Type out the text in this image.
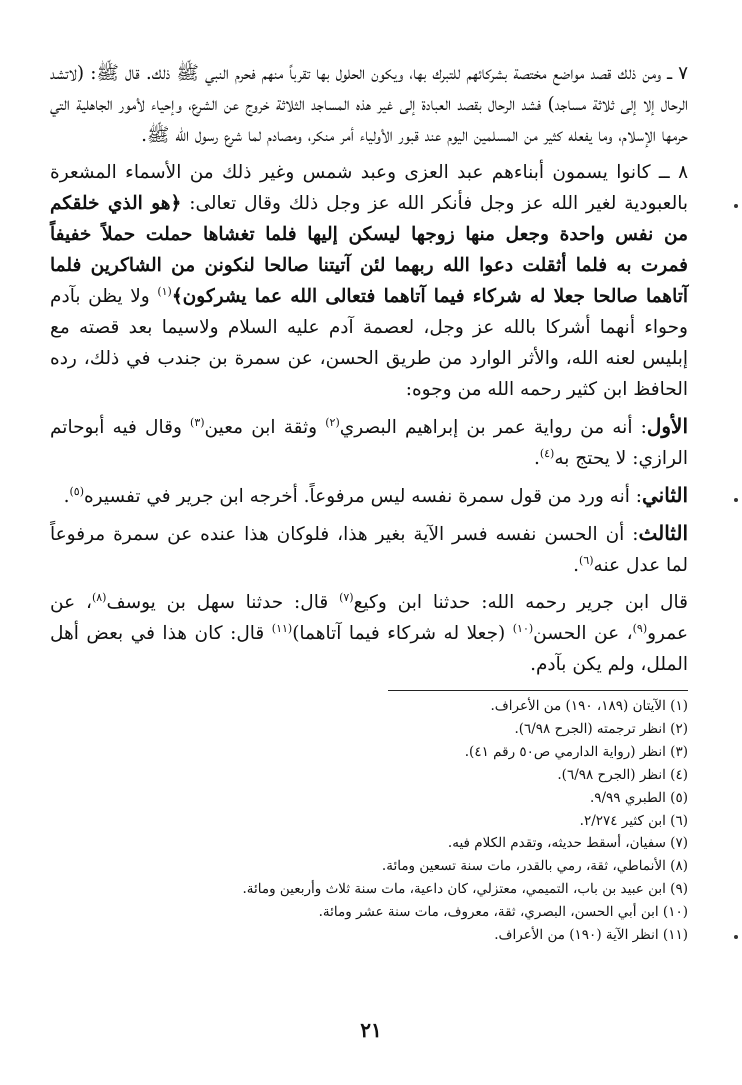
٧ ــ ومن ذلك قصد مواضع مختصة بشركائهم للتبرك بها، ويكون الحلول بها تقرباً منهم فحرم النبي ﷺ ذلك. قال ﷺ: (لاتشد الرحال إلا إلى ثلاثة مساجد) فشد الرحال بقصد العبادة إلى غير هذه المساجد الثلاثة خروج عن الشرع، وإحياء لأمور الجاهلية التي حرمها الإسلام، وما يفعله كثير من المسلمين اليوم عند قبور الأولياء أمر منكر، ومصادم لما شرع رسول الله ﷺ.

٨ ــ كانوا يسمون أبناءهم عبد العزى وعبد شمس وغير ذلك من الأسماء المشعرة بالعبودية لغير الله عز وجل فأنكر الله عز وجل ذلك وقال تعالى: ﴿هو الذي خلقكم من نفس واحدة وجعل منها زوجها ليسكن إليها فلما تغشاها حملت حملاً خفيفاً فمرت به فلما أثقلت دعوا الله ربهما لئن آتيتنا صالحا لنكونن من الشاكرين فلما آتاهما صالحا جعلا له شركاء فيما آتاهما فتعالى الله عما يشركون﴾$^{(١)}$ ولا يظن بآدم وحواء أنهما أشركا بالله عز وجل، لعصمة آدم عليه السلام ولاسيما بعد قصته مع إبليس لعنه الله، والأثر الوارد من طريق الحسن، عن سمرة بن جندب في ذلك، رده الحافظ ابن كثير رحمه الله من وجوه:

الأول: أنه من رواية عمر بن إبراهيم البصري$^{(٢)}$ وثقة ابن معين$^{(٣)}$ وقال فيه أبوحاتم الرازي: لا يحتج به$^{(٤)}$.

الثاني: أنه ورد من قول سمرة نفسه ليس مرفوعاً. أخرجه ابن جرير في تفسيره$^{(٥)}$.

الثالث: أن الحسن نفسه فسر الآية بغير هذا، فلوكان هذا عنده عن سمرة مرفوعاً لما عدل عنه$^{(٦)}$.

قال ابن جرير رحمه الله: حدثنا ابن وكيع$^{(٧)}$ قال: حدثنا سهل بن يوسف$^{(٨)}$، عن عمرو$^{(٩)}$، عن الحسن$^{(١٠)}$ (جعلا له شركاء فيما آتاهما)$^{(١١)}$ قال: كان هذا في بعض أهل الملل، ولم يكن بآدم.

(١) الآيتان (١٨٩، ١٩٠) من الأعراف.

(٢) انظر ترجمته (الجرح ٦/٩٨).

(٣) انظر (رواية الدارمي ص٥٠ رقم ٤١).

(٤) انظر (الجرح ٦/٩٨).

(٥) الطبري ٩/٩٩.

(٦) ابن كثير ٢/٢٧٤.

(٧) سفيان، أسقط حديثه، وتقدم الكلام فيه.

(٨) الأنماطي، ثقة، رمي بالقدر، مات سنة تسعين ومائة.

(٩) ابن عبيد بن باب، التميمي، معتزلي، كان داعية، مات سنة ثلاث وأربعين ومائة.

(١٠) ابن أبي الحسن، البصري، ثقة، معروف، مات سنة عشر ومائة.

(١١) انظر الآية (١٩٠) من الأعراف.

٢١
